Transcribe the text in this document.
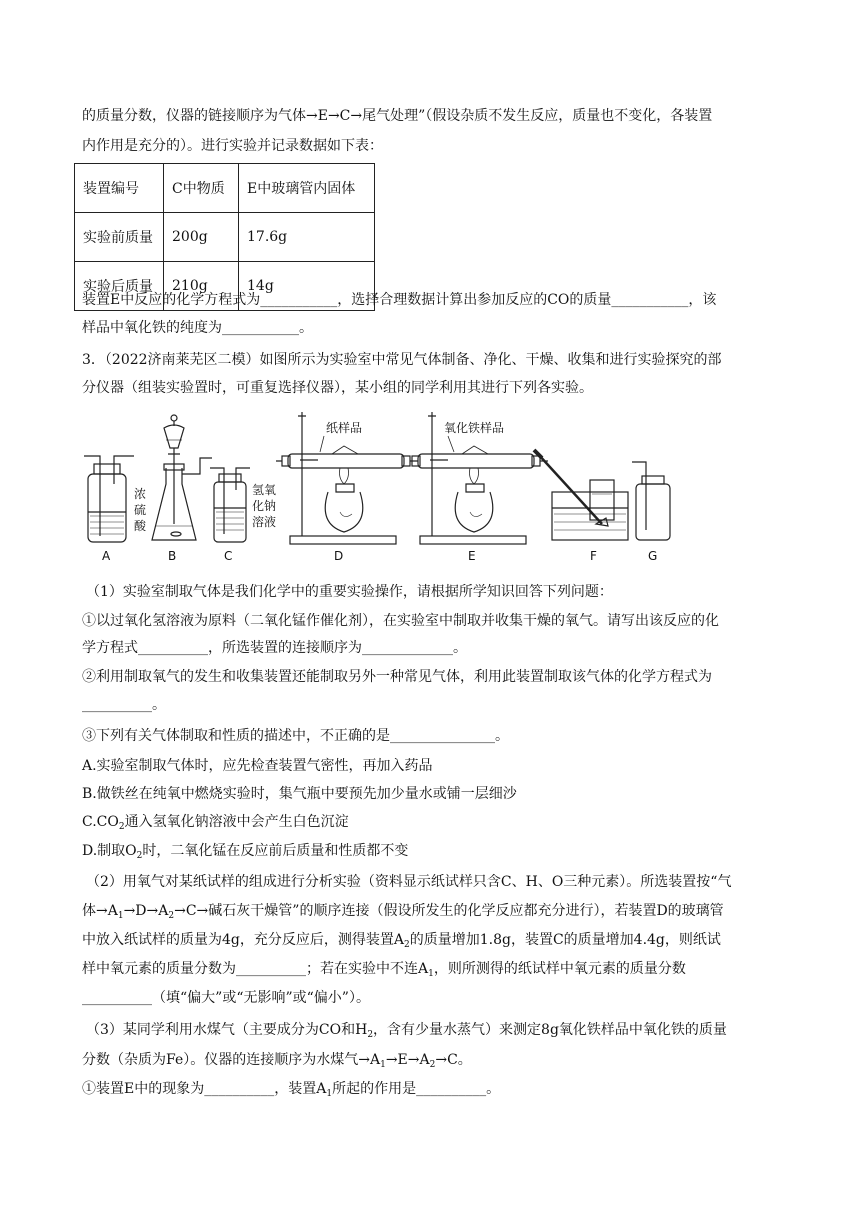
的质量分数，仪器的链接顺序为气体→E→C→尾气处理”（假设杂质不发生反应，质量也不变化，各装置
内作用是充分的）。进行实验并记录数据如下表：
装置编号	C中物质	E中玻璃管内固体
实验前质量	200g	17.6g
实验后质量	210g	14g
装置E中反应的化学方程式为___________，选择合理数据计算出参加反应的CO的质量___________，该
样品中氧化铁的纯度为___________。
3．（2022济南莱芜区二模）如图所示为实验室中常见气体制备、净化、干燥、收集和进行实验探究的部
分仪器（组装实验置时，可重复选择仪器），某小组的同学利用其进行下列各实验。
A
浓
硫
酸
B	C
氢氧
化钠
溶液
纸样品
D
氧化铁样品
E	F	G
（1）实验室制取气体是我们化学中的重要实验操作，请根据所学知识回答下列问题：
①以过氧化氢溶液为原料（二氧化锰作催化剂），在实验室中制取并收集干燥的氧气。请写出该反应的化
学方程式__________，所选装置的连接顺序为_____________。
②利用制取氧气的发生和收集装置还能制取另外一种常见气体，利用此装置制取该气体的化学方程式为
__________。
③下列有关气体制取和性质的描述中，不正确的是_______________。
A.实验室制取气体时，应先检查装置气密性，再加入药品
B.做铁丝在纯氧中燃烧实验时，集气瓶中要预先加少量水或铺一层细沙
$C.CO_2$通入氢氧化钠溶液中会产生白色沉淀
D.制取$O_2$时，二氧化锰在反应前后质量和性质都不变
（2）用氧气对某纸试样的组成进行分析实验（资料显示纸试样只含C、H、O三种元素）。所选装置按“气
体$\to A_1\to D\to A_2\to C\to$碱石灰干燥管”的顺序连接（假设所发生的化学反应都充分进行），若装置D的玻璃管
中放入纸试样的质量为4g，充分反应后，测得装置$A_2$的质量增加1.8g，装置C的质量增加4.4g，则纸试
样中氧元素的质量分数为__________；若在实验中不连$A_1$，则所测得的纸试样中氧元素的质量分数
__________（填“偏大”或“无影响”或“偏小”）。
（3）某同学利用水煤气（主要成分为CO和$H_2$，含有少量水蒸气）来测定8g氧化铁样品中氧化铁的质量
分数（杂质为Fe）。仪器的连接顺序为水煤气$\to A_1\to E\to A_2\to C$。
①装置E中的现象为__________，装置$A_1$所起的作用是__________。
